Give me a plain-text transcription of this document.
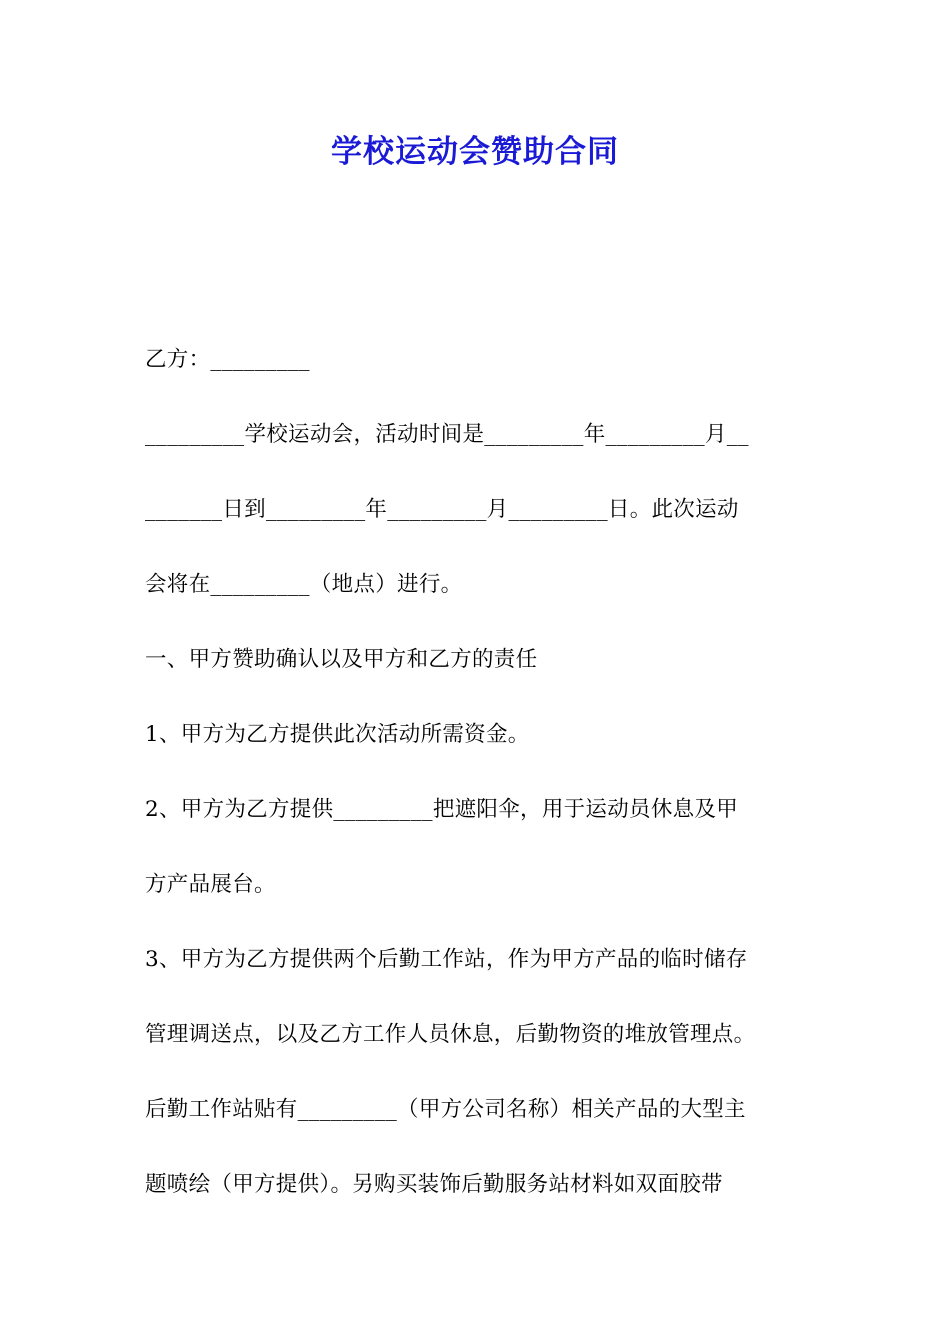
学校运动会赞助合同
乙方：_________
_________学校运动会，活动时间是_________年_________月__
_______日到_________年_________月_________日。此次运动
会将在_________（地点）进行。
一、甲方赞助确认以及甲方和乙方的责任
1、甲方为乙方提供此次活动所需资金。
2、甲方为乙方提供_________把遮阳伞，用于运动员休息及甲
方产品展台。
3、甲方为乙方提供两个后勤工作站，作为甲方产品的临时储存
管理调送点，以及乙方工作人员休息，后勤物资的堆放管理点。
后勤工作站贴有_________（甲方公司名称）相关产品的大型主
题喷绘（甲方提供）。另购买装饰后勤服务站材料如双面胶带
